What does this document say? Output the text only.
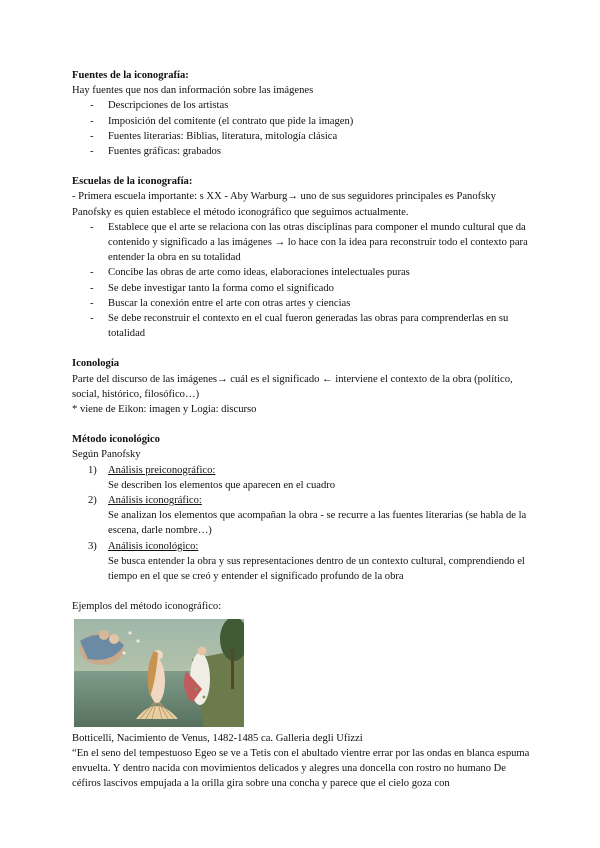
Fuentes de la iconografía:

Hay fuentes que nos dan información sobre las imágenes

- Descripciones de los artistas
- Imposición del comitente (el contrato que pide la imagen)
- Fuentes literarias: Biblias, literatura, mitología clásica
- Fuentes gráficas: grabados

Escuelas de la iconografía:

- Primera escuela importante: s XX - Aby Warburg→ uno de sus seguidores principales es Panofsky

Panofsky es quien establece el método iconográfico que seguimos actualmente.

- Establece que el arte se relaciona con las otras disciplinas para componer el mundo cultural que da contenido y significado a las imágenes → lo hace con la idea para reconstruir todo el contexto para entender la obra en su totalidad
- Concibe las obras de arte como ideas, elaboraciones intelectuales puras
- Se debe investigar tanto la forma como el significado
- Buscar la conexión entre el arte con otras artes y ciencias
- Se debe reconstruir el contexto en el cual fueron generadas las obras para comprenderlas en su totalidad

Iconología

Parte del discurso de las imágenes→ cuál es el significado ← interviene el contexto de la obra (político, social, histórico, filosófico…)

* viene de Eikon: imagen y Logia: discurso

Método iconológico

Según Panofsky

1) Análisis preiconográfico:
Se describen los elementos que aparecen en el cuadro
2) Análisis iconográfico:
Se analizan los elementos que acompañan la obra - se recurre a las fuentes literarias (se habla de la escena, darle nombre…)
3) Análisis iconológico:
Se busca entender la obra y sus representaciones dentro de un contexto cultural, comprendiendo el tiempo en el que se creó y entender el significado profundo de la obra

Ejemplos del método iconográfico:

Botticelli, Nacimiento de Venus, 1482-1485 ca. Galleria degli Ufizzi

“En el seno del tempestuoso Egeo se ve a Tetis con el abultado vientre errar por las ondas en blanca espuma envuelta. Y dentro nacida con movimientos delicados y alegres una doncella con rostro no humano De céfiros lascivos empujada a la orilla gira sobre una concha y parece que el cielo goza con
